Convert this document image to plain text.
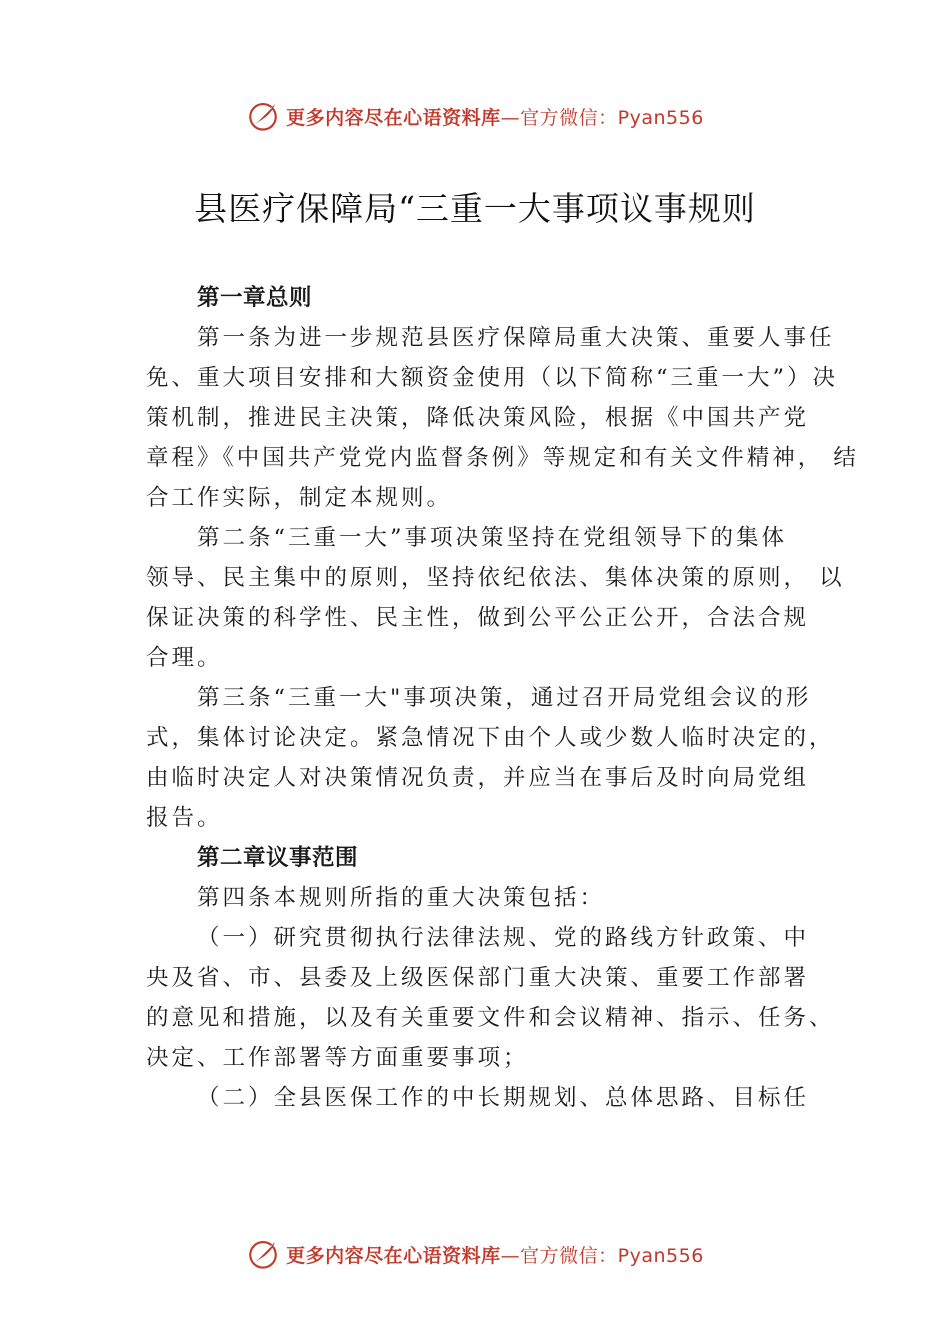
更多内容尽在心语资料库 —官方微信：Pyan556
县医疗保障局“三重一大事项议事规则
第一章总则
第一条为进一步规范县医疗保障局重大决策、重要人事任
免、重大项目安排和大额资金使用（以下简称“三重一大”）决
策机制，推进民主决策，降低决策风险，根据《中国共产党
章程》《中国共产党党内监督条例》等规定和有关文件精神， 结
合工作实际，制定本规则。
第二条“三重一大”事项决策坚持在党组领导下的集体
领导、民主集中的原则，坚持依纪依法、集体决策的原则， 以
保证决策的科学性、民主性，做到公平公正公开，合法合规
合理。
第三条“三重一大"事项决策，通过召开局党组会议的形
式，集体讨论决定。紧急情况下由个人或少数人临时决定的，
由临时决定人对决策情况负责，并应当在事后及时向局党组
报告。
第二章议事范围
第四条本规则所指的重大决策包括：
（一）研究贯彻执行法律法规、党的路线方针政策、中
央及省、市、县委及上级医保部门重大决策、重要工作部署
的意见和措施，以及有关重要文件和会议精神、指示、任务、
决定、工作部署等方面重要事项；
（二）全县医保工作的中长期规划、总体思路、目标任
更多内容尽在心语资料库 —官方微信：Pyan556
